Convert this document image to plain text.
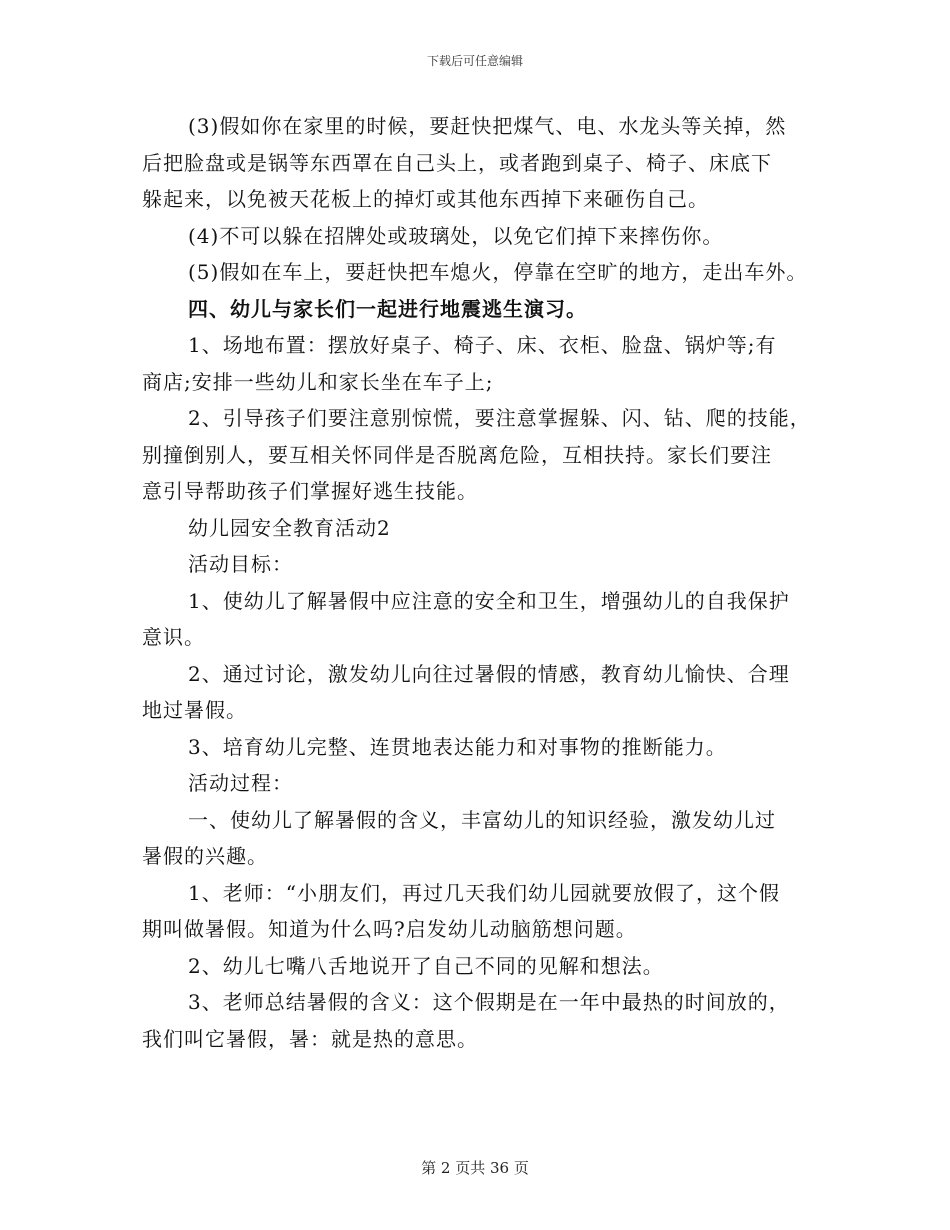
下载后可任意编辑

(3)假如你在家里的时候，要赶快把煤气、电、水龙头等关掉，然

后把脸盘或是锅等东西罩在自己头上，或者跑到桌子、椅子、床底下

躲起来，以免被天花板上的掉灯或其他东西掉下来砸伤自己。

(4)不可以躲在招牌处或玻璃处，以免它们掉下来摔伤你。

(5)假如在车上，要赶快把车熄火，停靠在空旷的地方，走出车外。

四、幼儿与家长们一起进行地震逃生演习。

1、场地布置：摆放好桌子、椅子、床、衣柜、脸盘、锅炉等;有

商店;安排一些幼儿和家长坐在车子上;

2、引导孩子们要注意别惊慌，要注意掌握躲、闪、钻、爬的技能，

别撞倒别人，要互相关怀同伴是否脱离危险，互相扶持。家长们要注

意引导帮助孩子们掌握好逃生技能。

幼儿园安全教育活动2

活动目标：

1、使幼儿了解暑假中应注意的安全和卫生，增强幼儿的自我保护

意识。

2、通过讨论，激发幼儿向往过暑假的情感，教育幼儿愉快、合理

地过暑假。

3、培育幼儿完整、连贯地表达能力和对事物的推断能力。

活动过程：

一、使幼儿了解暑假的含义，丰富幼儿的知识经验，激发幼儿过

暑假的兴趣。

1、老师：“小朋友们，再过几天我们幼儿园就要放假了，这个假

期叫做暑假。知道为什么吗?启发幼儿动脑筋想问题。

2、幼儿七嘴八舌地说开了自己不同的见解和想法。

3、老师总结暑假的含义：这个假期是在一年中最热的时间放的，

我们叫它暑假，暑：就是热的意思。

第 2 页共 36 页
